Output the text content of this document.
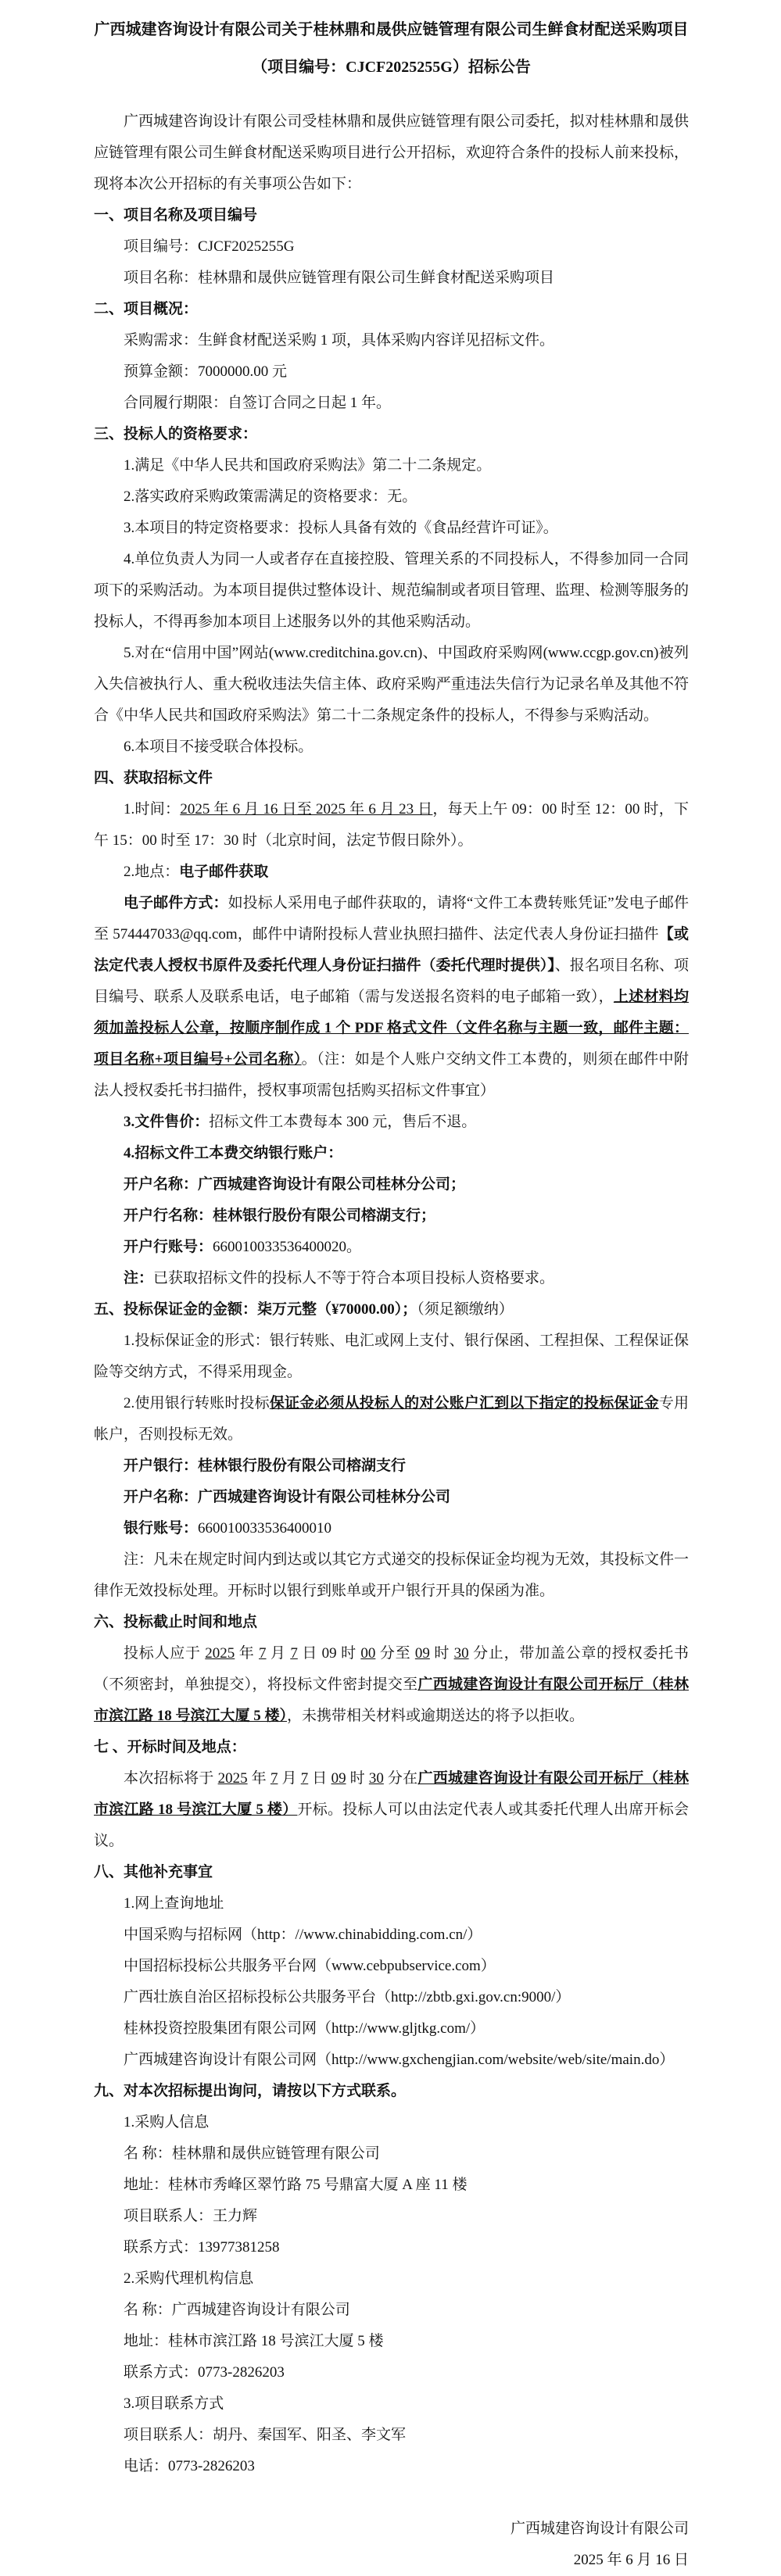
广西城建咨询设计有限公司关于桂林鼎和晟供应链管理有限公司生鲜食材配送采购项目（项目编号：CJCF2025255G）招标公告

广西城建咨询设计有限公司受桂林鼎和晟供应链管理有限公司委托，拟对桂林鼎和晟供应链管理有限公司生鲜食材配送采购项目进行公开招标，欢迎符合条件的投标人前来投标，现将本次公开招标的有关事项公告如下：

一、项目名称及项目编号

项目编号：CJCF2025255G

项目名称：桂林鼎和晟供应链管理有限公司生鲜食材配送采购项目

二、项目概况：

采购需求：生鲜食材配送采购 1 项，具体采购内容详见招标文件。

预算金额：7000000.00 元

合同履行期限：自签订合同之日起 1 年。

三、投标人的资格要求：

1.满足《中华人民共和国政府采购法》第二十二条规定。

2.落实政府采购政策需满足的资格要求：无。

3.本项目的特定资格要求：投标人具备有效的《食品经营许可证》。

4.单位负责人为同一人或者存在直接控股、管理关系的不同投标人，不得参加同一合同项下的采购活动。为本项目提供过整体设计、规范编制或者项目管理、监理、检测等服务的投标人，不得再参加本项目上述服务以外的其他采购活动。

5.对在“信用中国”网站(www.creditchina.gov.cn)、中国政府采购网(www.ccgp.gov.cn)被列入失信被执行人、重大税收违法失信主体、政府采购严重违法失信行为记录名单及其他不符合《中华人民共和国政府采购法》第二十二条规定条件的投标人，不得参与采购活动。

6.本项目不接受联合体投标。

四、获取招标文件

1.时间：2025 年 6 月 16 日至 2025 年 6 月 23 日，每天上午 09：00 时至 12：00 时，下午 15：00 时至 17：30 时（北京时间，法定节假日除外）。

2.地点：电子邮件获取

电子邮件方式：如投标人采用电子邮件获取的，请将“文件工本费转账凭证”发电子邮件至 574447033@qq.com，邮件中请附投标人营业执照扫描件、法定代表人身份证扫描件【或法定代表人授权书原件及委托代理人身份证扫描件（委托代理时提供）】、报名项目名称、项目编号、联系人及联系电话，电子邮箱（需与发送报名资料的电子邮箱一致），上述材料均须加盖投标人公章，按顺序制作成 1 个 PDF 格式文件（文件名称与主题一致，邮件主题：项目名称+项目编号+公司名称）。（注：如是个人账户交纳文件工本费的，则须在邮件中附法人授权委托书扫描件，授权事项需包括购买招标文件事宜）

3.文件售价：招标文件工本费每本 300 元，售后不退。

4.招标文件工本费交纳银行账户：

开户名称：广西城建咨询设计有限公司桂林分公司；

开户行名称：桂林银行股份有限公司榕湖支行；

开户行账号：660010033536400020。

注：已获取招标文件的投标人不等于符合本项目投标人资格要求。

五、投标保证金的金额：柒万元整（¥70000.00）；（须足额缴纳）

1.投标保证金的形式：银行转账、电汇或网上支付、银行保函、工程担保、工程保证保险等交纳方式，不得采用现金。

2.使用银行转账时投标保证金必须从投标人的对公账户汇到以下指定的投标保证金专用帐户，否则投标无效。

开户银行：桂林银行股份有限公司榕湖支行

开户名称：广西城建咨询设计有限公司桂林分公司

银行账号：660010033536400010

注：凡未在规定时间内到达或以其它方式递交的投标保证金均视为无效，其投标文件一律作无效投标处理。开标时以银行到账单或开户银行开具的保函为准。

六、投标截止时间和地点

投标人应于 2025 年 7 月 7 日 09 时 00 分至 09 时 30 分止，带加盖公章的授权委托书（不须密封，单独提交），将投标文件密封提交至广西城建咨询设计有限公司开标厅（桂林市滨江路 18 号滨江大厦 5 楼），未携带相关材料或逾期送达的将予以拒收。

七 、开标时间及地点：

本次招标将于 2025 年 7 月 7 日 09 时 30 分在广西城建咨询设计有限公司开标厅（桂林市滨江路 18 号滨江大厦 5 楼）开标。投标人可以由法定代表人或其委托代理人出席开标会议。

八、其他补充事宜

1.网上查询地址

中国采购与招标网（http：//www.chinabidding.com.cn/）

中国招标投标公共服务平台网（www.cebpubservice.com）

广西壮族自治区招标投标公共服务平台（http://zbtb.gxi.gov.cn:9000/）

桂林投资控股集团有限公司网（http://www.gljtkg.com/）

广西城建咨询设计有限公司网（http://www.gxchengjian.com/website/web/site/main.do）

九、对本次招标提出询问，请按以下方式联系。

1.采购人信息

名 称：桂林鼎和晟供应链管理有限公司

地址：桂林市秀峰区翠竹路 75 号鼎富大厦 A 座 11 楼

项目联系人：王力辉

联系方式：13977381258

2.采购代理机构信息

名 称：广西城建咨询设计有限公司

地址：桂林市滨江路 18 号滨江大厦 5 楼

联系方式：0773-2826203

3.项目联系方式

项目联系人：胡丹、秦国军、阳圣、李文军

电话：0773-2826203

广西城建咨询设计有限公司

2025 年 6 月 16 日
